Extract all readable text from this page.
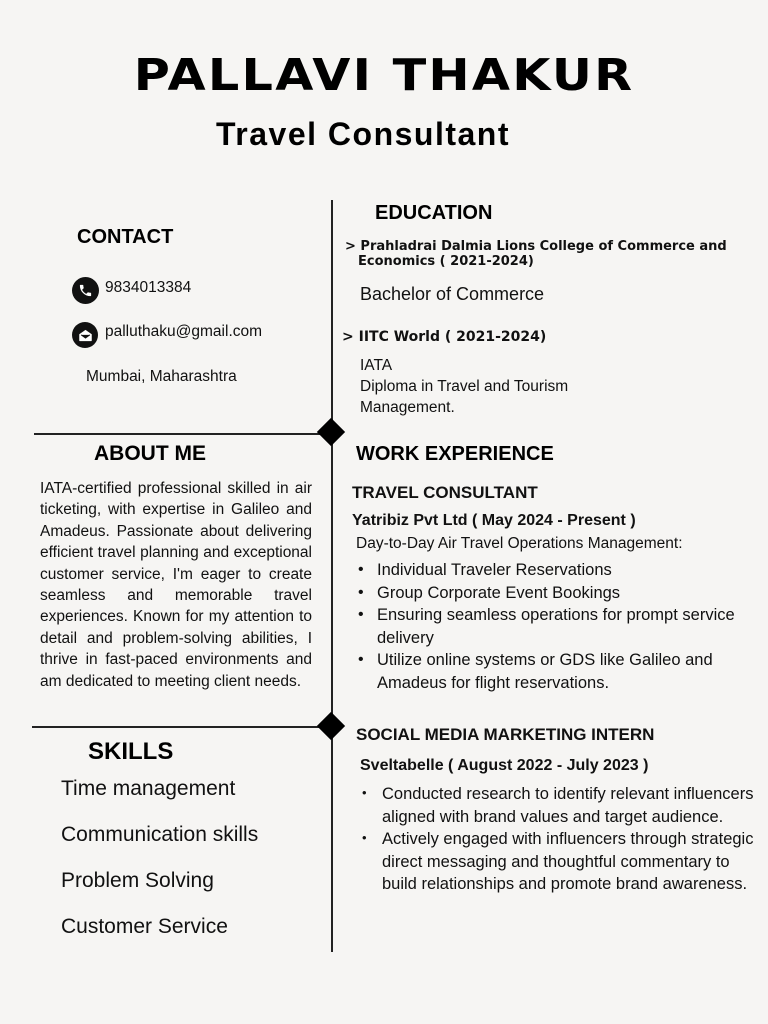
PALLAVI THAKUR
Travel Consultant
CONTACT
9834013384
palluthaku@gmail.com
Mumbai, Maharashtra
EDUCATION
> Prahladrai Dalmia Lions College of Commerce and
Economics ( 2021-2024)
Bachelor of Commerce
> IITC World ( 2021-2024)
IATA
Diploma in Travel and Tourism
Management.
ABOUT ME
IATA-certified professional skilled in air ticketing, with expertise in Galileo and Amadeus. Passionate about delivering efficient travel planning and exceptional customer service, I'm eager to create seamless and memorable travel experiences. Known for my attention to detail and problem-solving abilities, I thrive in fast-paced environments and am dedicated to meeting client needs.
WORK EXPERIENCE
TRAVEL CONSULTANT
Yatribiz Pvt Ltd ( May 2024 - Present )
Day-to-Day Air Travel Operations Management:
• Individual Traveler Reservations
• Group Corporate Event Bookings
• Ensuring seamless operations for prompt service delivery
• Utilize online systems or GDS like Galileo and Amadeus for flight reservations.
SOCIAL MEDIA MARKETING INTERN
Sveltabelle ( August 2022 - July 2023 )
• Conducted research to identify relevant influencers aligned with brand values and target audience.
• Actively engaged with influencers through strategic direct messaging and thoughtful commentary to build relationships and promote brand awareness.
SKILLS
Time management
Communication skills
Problem Solving
Customer Service
